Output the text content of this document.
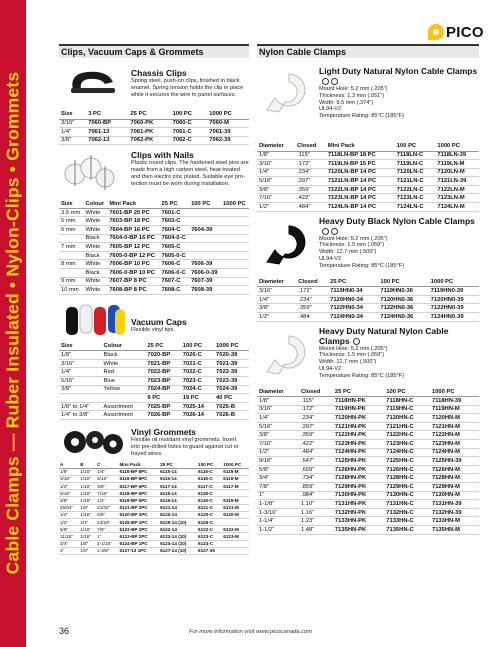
Cable Clamps — Ruber Insulated • Nylon-Clips • Grommets
PICO
Clips, Vacuum Caps & Grommets
Chassis Clips
Spring steel, push-on clips, finished in black
enamel. Spring tension holds the clip in place
while it secures the wire to panel surfaces.
Size	3 PC	25 PC	100 PC	1000 PC
3/16"	7060-BP	7060-PK	7060-C	7060-M
1/4"	7061-13	7061-PK	7061-C	7061-39
3/8"	7062-13	7062-PK	7062-C	7062-39
Clips with Nails
Plastic round clips. The hardened steel pins are
made from a high carbon steel, heat-treated
and then electro zinc plated. Suitable eye pro-
tection must be worn during installation.
Size	Colour	Mini Pack	25 PC	100 PC	1000 PC
3.5 mm	White	7601-BP 20 PC	7601-C		
5 mm	White	7603-BP 18 PC	7603-C		
6 mm	White	7604-BP 16 PC	7604-C	7604-39	
	Black	7604-0-BP 16 PC	7604-0-C		
7 mm	White	7605-BP 12 PC	7605-C		
	Black	7605-0-BP 12 PC	7605-0-C		
8 mm	White	7606-BP 10 PC	7606-C	7606-39	
	Black	7606-0-BP 10 PC	7606-0-C	7606-0-39	
9 mm	White	7607-BP 8 PC	7607-C	7607-39	
10 mm	White	7608-BP 8 PC	7608-C	7608-39	
Vacuum Caps
Flexible vinyl tips.
Size	Colour	25 PC	100 PC	1000 PC
1/8"	Black	7020-BP	7020-C	7020-39
3/16"	White	7021-BP	7021-C	7021-39
1/4"	Red	7022-BP	7022-C	7022-39
5/16"	Blue	7023-BP	7023-C	7023-39
3/8"	Yellow	7024-BP	7024-C	7024-39
		9 PC	19 PC	40 PC
1/8" to 1/4"	Assortment	7025-BP	7025-14	7025-B
1/4" to 3/8"	Assortment	7026-BP	7026-14	7026-B
Vinyl Grommets
Flexible oil resistant vinyl grommets. Insert
into pre-drilled holes to guard against cut or
frayed wires.
A	B	C	Mini Pack	25 PC	100 PC	1000 PC
1/8"	1/16"	1/4"	6115-BP 8PC	6115-14	6115-C	6115-M
3/16"	1/16"	5/16"	6116-BP 8PC	6116-14	6116-C	6116-M
1/4"	1/16"	3/8"	6117-BP 6PC	6117-14	6117-C	6117-M
5/16"	1/16"	7/16"	6118-BP 5PC	6118-14	6118-C	
3/8"	1/16"	1/2"	6119-BP 5PC	6119-14	6119-C	6119-M
25/64"	1/8"	21/32"	6121-BP 2PC	6121-14	6121-C	6121-M
1/2"	1/16"	5/8"	6120-BP 2PC	6120-14	6120-C	6120-M
1/2"	1/4"	13/16"	6125-BP 1PC	6125-14 (10)	6125-C	
5/8"	1/16"	7/8"	6122-BP 2PC	6122-14	6122-C	6122-M
11/16"	1/16"	1"	6123-BP 2PC	6123-14 (10)	6123-C	6123-M
3/4"	1/8"	1-1/16"	6124-BP 1PC	6124-14 (10)	6124-C	
1"	1/8"	1-3/8"	6127-13 1PC	6127-14 (10)	6127-36	
Nylon Cable Clamps
Light Duty Natural Nylon Cable Clamps
Mount Hole: 5.2 mm (.205")
Thickness: 1.3 mm (.051")
Width: 9.5 mm (.374")
UL94-V2
Temperature Rating: 85°C (185°F)
Diameter	Closed	Mini Pack	100 PC	1000 PC
1/8"	.115"	7118LN-BP 18 PC	7118LN-C	7118LN-39
3/16"	.172"	7119LN-BP 15 PC	7119LN-C	7119LN-M
1/4"	.234"	7120LN-BP 14 PC	7120LN-C	7120LN-M
5/16"	.297"	7121LN-BP 14 PC	7121LN-C	7121LN-39
3/8"	.359"	7122LN-BP 14 PC	7122LN-C	7122LN-M
7/16"	.422"	7123LN-BP 14 PC	7123LN-C	7123LN-M
1/2"	.484"	7124LN-BP 14 PC	7124LN-C	7124LN-M
Heavy Duty Black Nylon Cable Clamps
Mount Hole: 5.2 mm (.205")
Thickness: 1.5 mm (.059")
Width: 12.7 mm (.500")
UL94-V2
Temperature Rating: 85°C (185°F)
Diameter	Closed	25 PC	100 PC	1000 PC
3/16"	.172"	7119HN0-34	7119HN0-36	7119HN0-39
1/4"	.234"	7120HN0-34	7120HN0-36	7120HN0-39
3/8"	.359"	7122HN0-34	7122HN0-36	7122HN0-39
1/2"	.484	7124HN0-34	7124HN0-36	7124HN0-39
Heavy Duty Natural Nylon Cable Clamps
Mount Hole: 5.2 mm (.205")
Thickness: 1.5 mm (.059")
Width: 12.7 mm (.500")
UL94-V2
Temperature Rating: 85°C (185°F)
Diameter	Closed	25 PC	100 PC	1000 PC
1/8"	.115"	7118HN-PK	7118HN-C	7118HN-39
3/16"	.172"	7119HN-PK	7119HN-C	7119HN-M
1/4"	.234"	7120HN-PK	7120HN-C	7120HN-M
5/16"	.297"	7121HN-PK	7121HN-C	7121HN-M
3/8"	.359"	7122HN-PK	7122HN-C	7122HN-M
7/16"	.422"	7123HN-PK	7123HN-C	7123HN-M
1/2"	.484"	7124HN-PK	7124HN-C	7124HN-M
9/16"	.547"	7125HN-PK	7125HN-C	7125HN-39
5/8"	.609"	7126HN-PK	7126HN-C	7126HN-M
3/4"	.734"	7128HN-PK	7128HN-C	7128HN-M
7/8"	.859"	7129HN-PK	7129HN-C	7129HN-M
1"	.984"	7130HN-PK	7130HN-C	7130HN-M
1-1/8"	1.10"	7131HN-PK	7131HN-C	7131HN-39
1-3/16"	1.16"	7132HN-PK	7132HN-C	7132HN-39
1-1/4"	1.23"	7133HN-PK	7133HN-C	7133HN-M
1-1/2"	1.48"	7135HN-PK	7135HN-C	7135HN-M
36	For more information visit www.picocanada.com
